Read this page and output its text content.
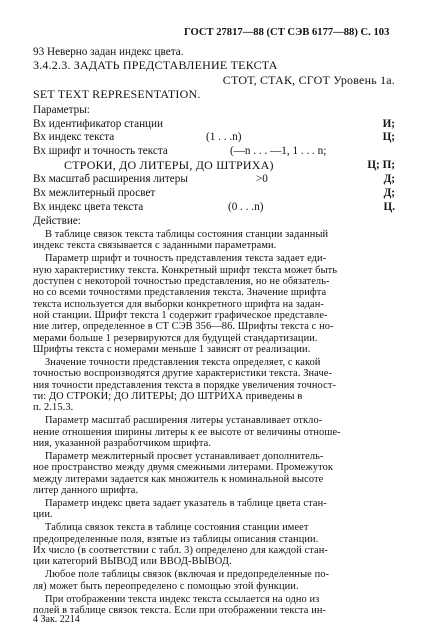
ГОСТ 27817—88 (СТ СЭВ 6177—88) С. 103
93 Неверно задан индекс цвета.
3.4.2.3. ЗАДАТЬ ПРЕДСТАВЛЕНИЕ ТЕКСТА
СТОТ, СТАК, СГОТ Уровень 1а.
SET TEXT REPRESENTATION.
Параметры:
Вх идентификатор станции	И;
Вх индекс текста	(1 . . .n)	Ц;
Вх шрифт и точность текста	(—n . . . —1, 1 . . . n;
СТРОКИ, ДО ЛИТЕРЫ, ДО ШТРИХА)	Ц; П;
Вх масштаб расширения литеры	>0	Д;
Вх межлитерный просвет	Д;
Вх индекс цвета текста	(0 . . .n)	Ц.
Действие:
В таблице связок текста таблицы состояния станции заданный
индекс текста связывается с заданными параметрами.
Параметр шрифт и точность представления текста задает еди-
ную характеристику текста. Конкретный шрифт текста может быть
доступен с некоторой точностью представления, но не обязатель-
но со всеми точностями представления текста. Значение шрифта
текста используется для выборки конкретного шрифта на задан-
ной станции. Шрифт текста 1 содержит графическое представле-
ние литер, определенное в СТ СЭВ 356—86. Шрифты текста с но-
мерами больше 1 резервируются для будущей стандартизации.
Шрифты текста с номерами меньше 1 зависят от реализации.
Значение точности представления текста определяет, с какой
точностью воспроизводятся другие характеристики текста. Значе-
ния точности представления текста в порядке увеличения точност-
ти: ДО СТРОКИ; ДО ЛИТЕРЫ; ДО ШТРИХА приведены в
п. 2.15.3.
Параметр масштаб расширения литеры устанавливает откло-
нение отношения ширины литеры к ее высоте от величины отноше-
ния, указанной разработчиком шрифта.
Параметр межлитерный просвет устанавливает дополнитель-
ное пространство между двумя смежными литерами. Промежуток
между литерами задается как множитель к номинальной высоте
литер данного шрифта.
Параметр индекс цвета задает указатель в таблице цвета стан-
ции.
Таблица связок текста в таблице состояния станции имеет
предопределенные поля, взятые из таблицы описания станции.
Их число (в соответствии с табл. 3) определено для каждой стан-
ции категорий ВЫВОД или ВВОД-ВЫВОД.
Любое поле таблицы связок (включая и предопределенные по-
ля) может быть переопределено с помощью этой функции.
При отображении текста индекс текста ссылается на одно из
полей в таблице связок текста. Если при отображении текста ин-
4 Зак. 2214
